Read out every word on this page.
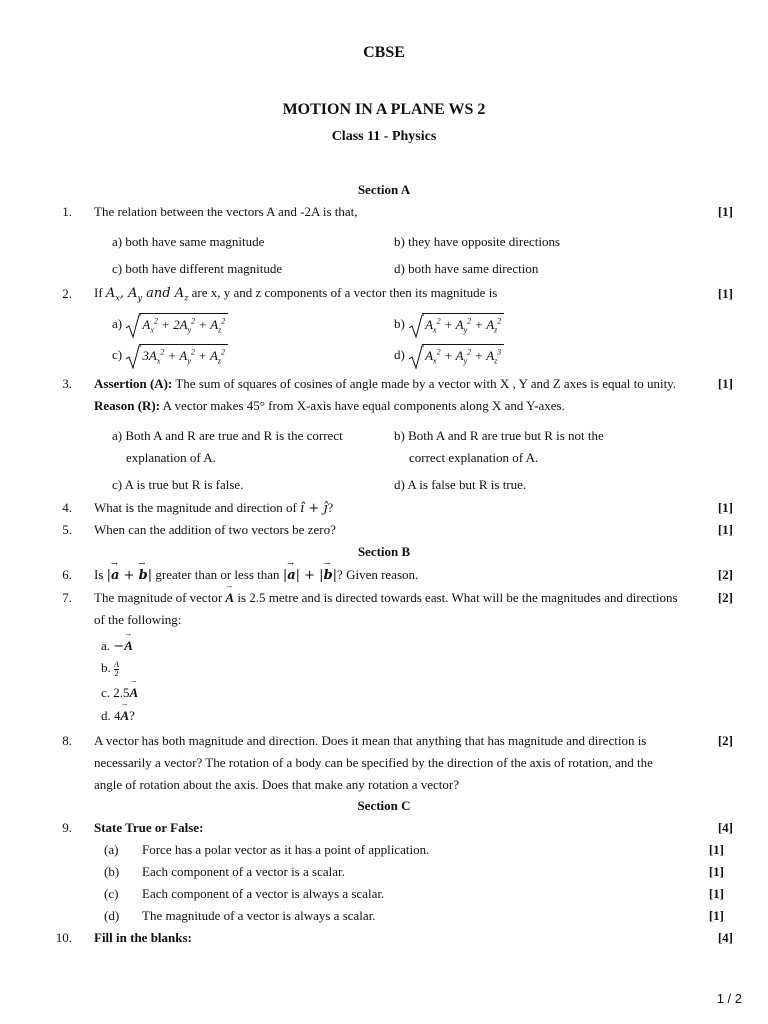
CBSE
MOTION IN A PLANE WS 2
Class 11 - Physics
Section A
1. The relation between the vectors A and -2A is that,	[1]
a) both have same magnitude	b) they have opposite directions
c) both have different magnitude	d) both have same direction
2. If $A_x$, $A_y$ and $A_z$ are x, y and z components of a vector then its magnitude is	[1]
a) $A_x^2 + 2A_y^2 + A_z^2$	b) $A_x^2 + A_y^2 + A_z^2$
c) $3A_x^2 + A_y^2 + A_z^2$	d) $A_x^2 + A_y^2 + A_z^3$
3. Assertion (A): The sum of squares of cosines of angle made by a vector with X , Y and Z axes is equal to unity.	[1]
Reason (R): A vector makes 45° from X-axis have equal components along X and Y-axes.
a) Both A and R are true and R is the correct
explanation of A.
b) Both A and R are true but R is not the
correct explanation of A.
c) A is true but R is false.	d) A is false but R is true.
4. What is the magnitude and direction of î + ĵ?	[1]
5. When can the addition of two vectors be zero?	[1]
Section B
6. Is |→ a + → b| greater than or less than |→ a| + |→ b|? Given reason.	[2]
7. The magnitude of vector → A is 2.5 metre and is directed towards east. What will be the magnitudes and directions	[2]
of the following:
a. −→ A
b. $\frac{A}{2}$
c. 2.5→ A
d. 4→ A?
8. A vector has both magnitude and direction. Does it mean that anything that has magnitude and direction is
necessarily a vector? The rotation of a body can be specified by the direction of the axis of rotation, and the
angle of rotation about the axis. Does that make any rotation a vector?
[2]
Section C
9. State True or False:	[4]
(a) Force has a polar vector as it has a point of application.	[1]
(b) Each component of a vector is a scalar.	[1]
(c) Each component of a vector is always a scalar.	[1]
(d) The magnitude of a vector is always a scalar.	[1]
10. Fill in the blanks:	[4]
1 / 2
